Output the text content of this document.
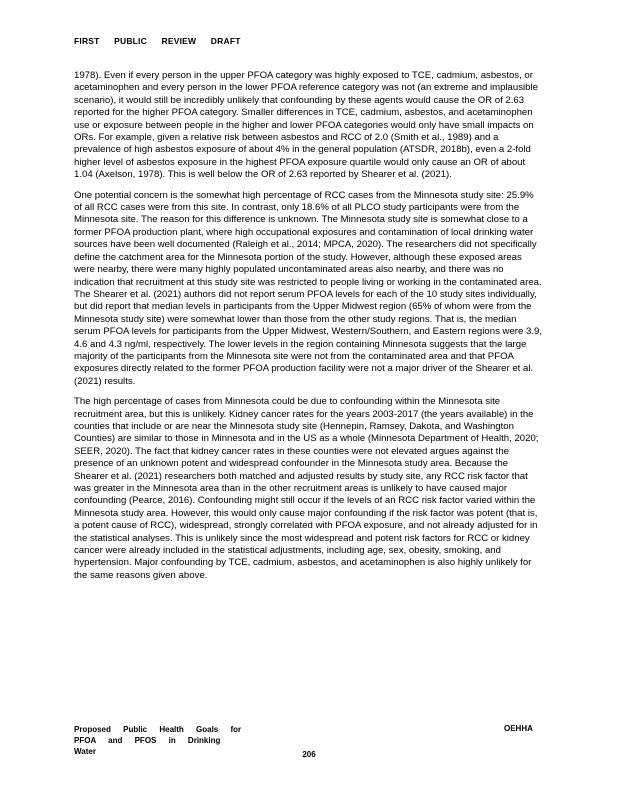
FIRST PUBLIC REVIEW DRAFT

1978). Even if every person in the upper PFOA category was highly exposed to TCE, cadmium, asbestos, or acetaminophen and every person in the lower PFOA reference category was not (an extreme and implausible scenario), it would still be incredibly unlikely that confounding by these agents would cause the OR of 2.63 reported for the higher PFOA category. Smaller differences in TCE, cadmium, asbestos, and acetaminophen use or exposure between people in the higher and lower PFOA categories would only have small impacts on ORs. For example, given a relative risk between asbestos and RCC of 2.0 (Smith et al., 1989) and a prevalence of high asbestos exposure of about 4% in the general population (ATSDR, 2018b), even a 2-fold higher level of asbestos exposure in the highest PFOA exposure quartile would only cause an OR of about 1.04 (Axelson, 1978). This is well below the OR of 2.63 reported by Shearer et al. (2021).

One potential concern is the somewhat high percentage of RCC cases from the Minnesota study site: 25.9% of all RCC cases were from this site. In contrast, only 18.6% of all PLCO study participants were from the Minnesota site. The reason for this difference is unknown. The Minnesota study site is somewhat close to a former PFOA production plant, where high occupational exposures and contamination of local drinking water sources have been well documented (Raleigh et al., 2014; MPCA, 2020). The researchers did not specifically define the catchment area for the Minnesota portion of the study. However, although these exposed areas were nearby, there were many highly populated uncontaminated areas also nearby, and there was no indication that recruitment at this study site was restricted to people living or working in the contaminated area. The Shearer et al. (2021) authors did not report serum PFOA levels for each of the 10 study sites individually, but did report that median levels in participants from the Upper Midwest region (65% of whom were from the Minnesota study site) were somewhat lower than those from the other study regions. That is, the median serum PFOA levels for participants from the Upper Midwest, Western/Southern, and Eastern regions were 3.9, 4.6 and 4.3 ng/ml, respectively. The lower levels in the region containing Minnesota suggests that the large majority of the participants from the Minnesota site were not from the contaminated area and that PFOA exposures directly related to the former PFOA production facility were not a major driver of the Shearer et al. (2021) results.

The high percentage of cases from Minnesota could be due to confounding within the Minnesota site recruitment area, but this is unlikely. Kidney cancer rates for the years 2003-2017 (the years available) in the counties that include or are near the Minnesota study site (Hennepin, Ramsey, Dakota, and Washington Counties) are similar to those in Minnesota and in the US as a whole (Minnesota Department of Health, 2020; SEER, 2020). The fact that kidney cancer rates in these counties were not elevated argues against the presence of an unknown potent and widespread confounder in the Minnesota study area. Because the Shearer et al. (2021) researchers both matched and adjusted results by study site, any RCC risk factor that was greater in the Minnesota area than in the other recruitment areas is unlikely to have caused major confounding (Pearce, 2016). Confounding might still occur if the levels of an RCC risk factor varied within the Minnesota study area. However, this would only cause major confounding if the risk factor was potent (that is, a potent cause of RCC), widespread, strongly correlated with PFOA exposure, and not already adjusted for in the statistical analyses. This is unlikely since the most widespread and potent risk factors for RCC or kidney cancer were already included in the statistical adjustments, including age, sex, obesity, smoking, and hypertension. Major confounding by TCE, cadmium, asbestos, and acetaminophen is also highly unlikely for the same reasons given above.

Proposed Public Health Goals for
PFOA and PFOS in Drinking Water
OEHHA
206
